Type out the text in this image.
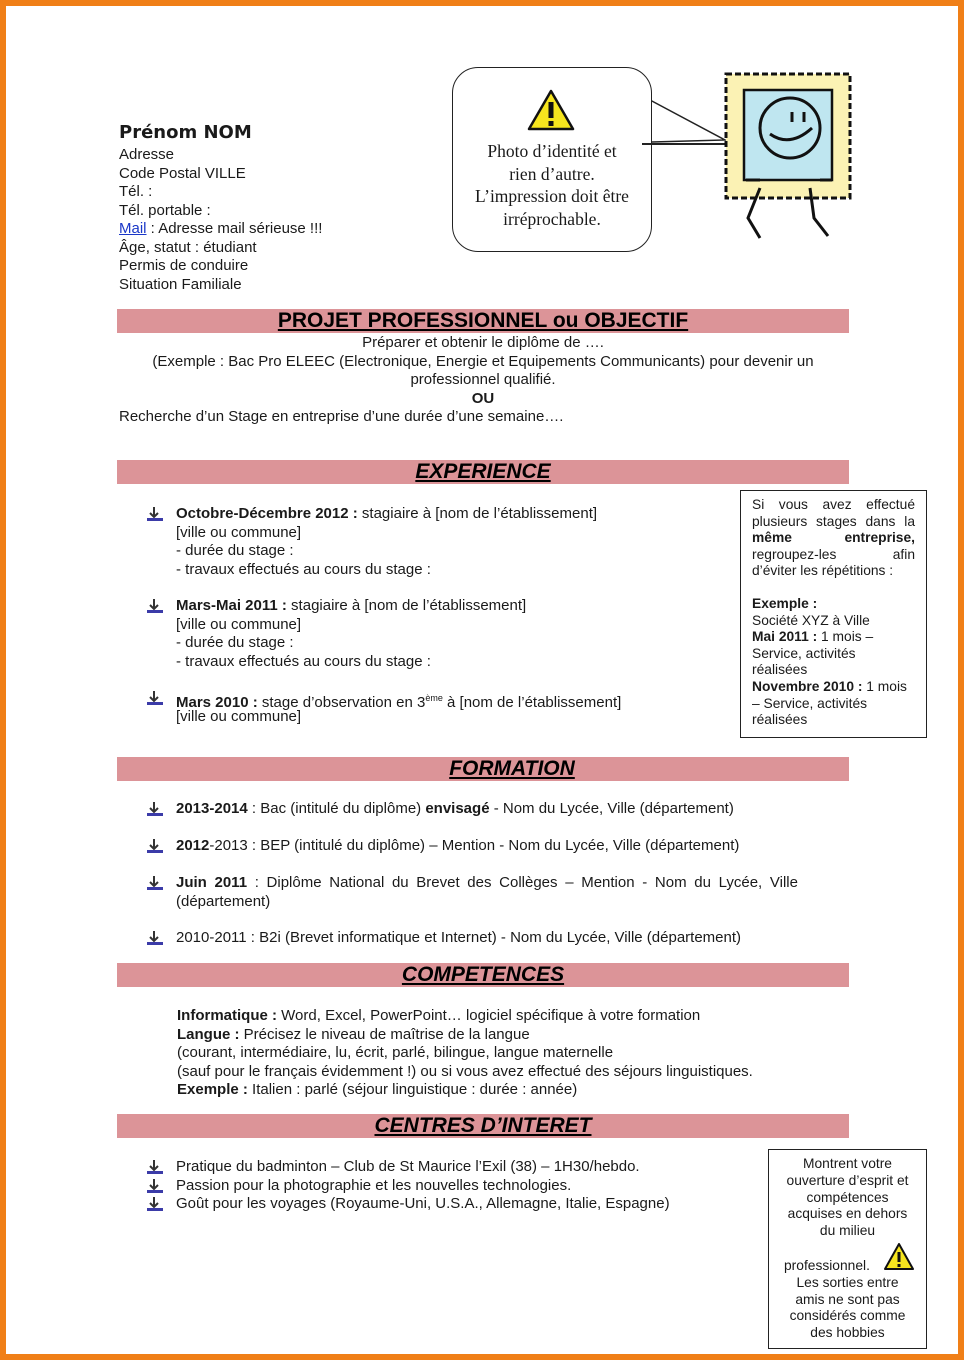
Prénom NOM
Adresse
Code Postal VILLE
Tél. :
Tél. portable :
Mail : Adresse mail sérieuse !!!
Âge, statut : étudiant
Permis de conduire
Situation Familiale
Photo d’identité et
rien d’autre.
L’impression doit être
irréprochable.
PROJET PROFESSIONNEL ou OBJECTIF
Préparer et obtenir le diplôme de ….
(Exemple : Bac Pro ELEEC (Electronique, Energie et Equipements Communicants) pour devenir un
professionnel qualifié.
OU
Recherche d’un Stage en entreprise d’une durée d’une semaine….
EXPERIENCE
Octobre-Décembre 2012 : stagiaire à [nom de l’établissement]
[ville ou commune]
- durée du stage :
- travaux effectués au cours du stage :
Mars-Mai 2011 : stagiaire à [nom de l’établissement]
[ville ou commune]
- durée du stage :
- travaux effectués au cours du stage :
Mars 2010 : stage d’observation en 3ème à [nom de l’établissement]
[ville ou commune]
Si vous avez effectué
plusieurs stages dans la
même	entreprise,
regroupez-les	afin
d’éviter les répétitions :
Exemple :
Société XYZ à Ville
Mai 2011 : 1 mois –
Service, activités
réalisées
Novembre 2010 : 1 mois
– Service, activités
réalisées
FORMATION
2013-2014 : Bac (intitulé du diplôme) envisagé - Nom du Lycée, Ville (département)
2012-2013 : BEP (intitulé du diplôme) – Mention - Nom du Lycée, Ville (département)
Juin 2011 : Diplôme National du Brevet des Collèges – Mention - Nom du Lycée, Ville
(département)
2010-2011 : B2i (Brevet informatique et Internet) - Nom du Lycée, Ville (département)
COMPETENCES
Informatique : Word, Excel, PowerPoint… logiciel spécifique à votre formation
Langue : Précisez le niveau de maîtrise de la langue
(courant, intermédiaire, lu, écrit, parlé, bilingue, langue maternelle
(sauf pour le français évidemment !) ou si vous avez effectué des séjours linguistiques.
Exemple : Italien : parlé (séjour linguistique : durée : année)
CENTRES D’INTERET
Pratique du badminton – Club de St Maurice l’Exil (38) – 1H30/hebdo.
Passion pour la photographie et les nouvelles technologies.
Goût pour les voyages (Royaume-Uni, U.S.A., Allemagne, Italie, Espagne)
Montrent votre
ouverture d’esprit et
compétences
acquises en dehors
du milieu
professionnel.
Les sorties entre
amis ne sont pas
considérés comme
des hobbies
